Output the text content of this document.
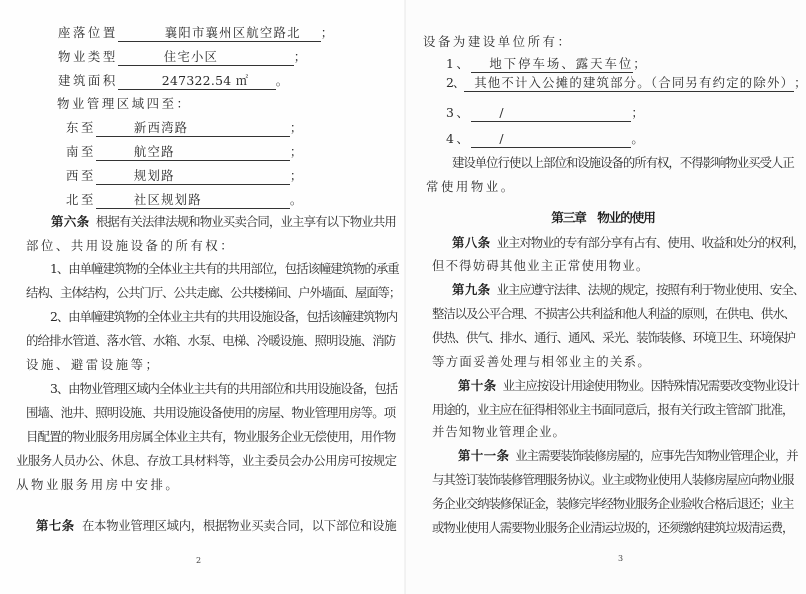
座落位置	襄阳市襄州区航空路北 ；
物业类型	住宅小区	；
建筑面积	247322.54 ㎡ 。
物业管理区域四至：
东至	新西湾路	；
南至	航空路	；
西至	规划路	；
北至	社区规划路	。
第六条 根据有关法律法规和物业买卖合同，业主享有以下物业共用
部位、共用设施设备的所有权：
1、由单幢建筑物的全体业主共有的共用部位，包括该幢建筑物的承重
结构、主体结构，公共门厅、公共走廊、公共楼梯间、户外墙面、屋面等；
2、由单幢建筑物的全体业主共有的共用设施设备，包括该幢建筑物内
的给排水管道、落水管、水箱、水泵、电梯、冷暖设施、照明设施、消防
设施、避雷设施等；
3、由物业管理区域内全体业主共有的共用部位和共用设施设备，包括
围墙、池井、照明设施、共用设施设备使用的房屋、物业管理用房等。项
目配置的物业服务用房属全体业主共有，物业服务企业无偿使用，用作物
业服务人员办公、休息、存放工具材料等，业主委员会办公用房可按规定
从物业服务用房中安排。
第七条 在本物业管理区域内，根据物业买卖合同，以下部位和设施
2
设备为建设单位所有：
1、 地下停车场、露天车位；
2、 其他不计入公摊的建筑部分。（合同另有约定的除外）；
3、 /	；
4、 /	。
建设单位行使以上部位和设施设备的所有权，不得影响物业买受人正
常使用物业。
第三章　物业的使用
第八条 业主对物业的专有部分享有占有、使用、收益和处分的权利，
但不得妨碍其他业主正常使用物业。
第九条 业主应遵守法律、法规的规定，按照有利于物业使用、安全、
整洁以及公平合理、不损害公共利益和他人利益的原则，在供电、供水、
供热、供气、排水、通行、通风、采光、装饰装修、环境卫生、环境保护
等方面妥善处理与相邻业主的关系。
第十条 业主应按设计用途使用物业。因特殊情况需要改变物业设计
用途的，业主应在征得相邻业主书面同意后，报有关行政主管部门批准，
并告知物业管理企业。
第十一条 业主需要装饰装修房屋的，应事先告知物业管理企业，并
与其签订装饰装修管理服务协议。业主或物业使用人装修房屋应向物业服
务企业交纳装修保证金，装修完毕经物业服务企业验收合格后退还；业主
或物业使用人需要物业服务企业清运垃圾的，还须缴纳建筑垃圾清运费，
3
